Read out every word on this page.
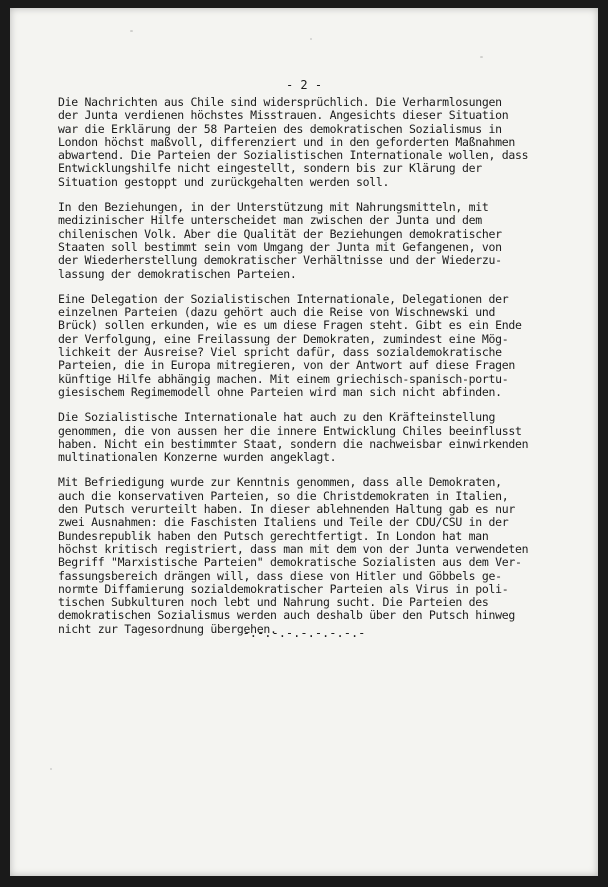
- 2 -
Die Nachrichten aus Chile sind widersprüchlich. Die Verharmlosungen
der Junta verdienen höchstes Misstrauen. Angesichts dieser Situation
war die Erklärung der 58 Parteien des demokratischen Sozialismus in
London höchst maßvoll, differenziert und in den geforderten Maßnahmen
abwartend. Die Parteien der Sozialistischen Internationale wollen, dass
Entwicklungshilfe nicht eingestellt, sondern bis zur Klärung der
Situation gestoppt und zurückgehalten werden soll.
In den Beziehungen, in der Unterstützung mit Nahrungsmitteln, mit
medizinischer Hilfe unterscheidet man zwischen der Junta und dem
chilenischen Volk. Aber die Qualität der Beziehungen demokratischer
Staaten soll bestimmt sein vom Umgang der Junta mit Gefangenen, von
der Wiederherstellung demokratischer Verhältnisse und der Wiederzu-
lassung der demokratischen Parteien.
Eine Delegation der Sozialistischen Internationale, Delegationen der
einzelnen Parteien (dazu gehört auch die Reise von Wischnewski und
Brück) sollen erkunden, wie es um diese Fragen steht. Gibt es ein Ende
der Verfolgung, eine Freilassung der Demokraten, zumindest eine Mög-
lichkeit der Ausreise? Viel spricht dafür, dass sozialdemokratische
Parteien, die in Europa mitregieren, von der Antwort auf diese Fragen
künftige Hilfe abhängig machen. Mit einem griechisch-spanisch-portu-
giesischem Regimemodell ohne Parteien wird man sich nicht abfinden.
Die Sozialistische Internationale hat auch zu den Kräfteinstellung
genommen, die von aussen her die innere Entwicklung Chiles beeinflusst
haben. Nicht ein bestimmter Staat, sondern die nachweisbar einwirkenden
multinationalen Konzerne wurden angeklagt.
Mit Befriedigung wurde zur Kenntnis genommen, dass alle Demokraten,
auch die konservativen Parteien, so die Christdemokraten in Italien,
den Putsch verurteilt haben. In dieser ablehnenden Haltung gab es nur
zwei Ausnahmen: die Faschisten Italiens und Teile der CDU/CSU in der
Bundesrepublik haben den Putsch gerechtfertigt. In London hat man
höchst kritisch registriert, dass man mit dem von der Junta verwendeten
Begriff "Marxistische Parteien" demokratische Sozialisten aus dem Ver-
fassungsbereich drängen will, dass diese von Hitler und Göbbels ge-
normte Diffamierung sozialdemokratischer Parteien als Virus in poli-
tischen Subkulturen noch lebt und Nahrung sucht. Die Parteien des
demokratischen Sozialismus werden auch deshalb über den Putsch hinweg
nicht zur Tagesordnung übergehen.
-.-.-.-.-.-.-.-.-
